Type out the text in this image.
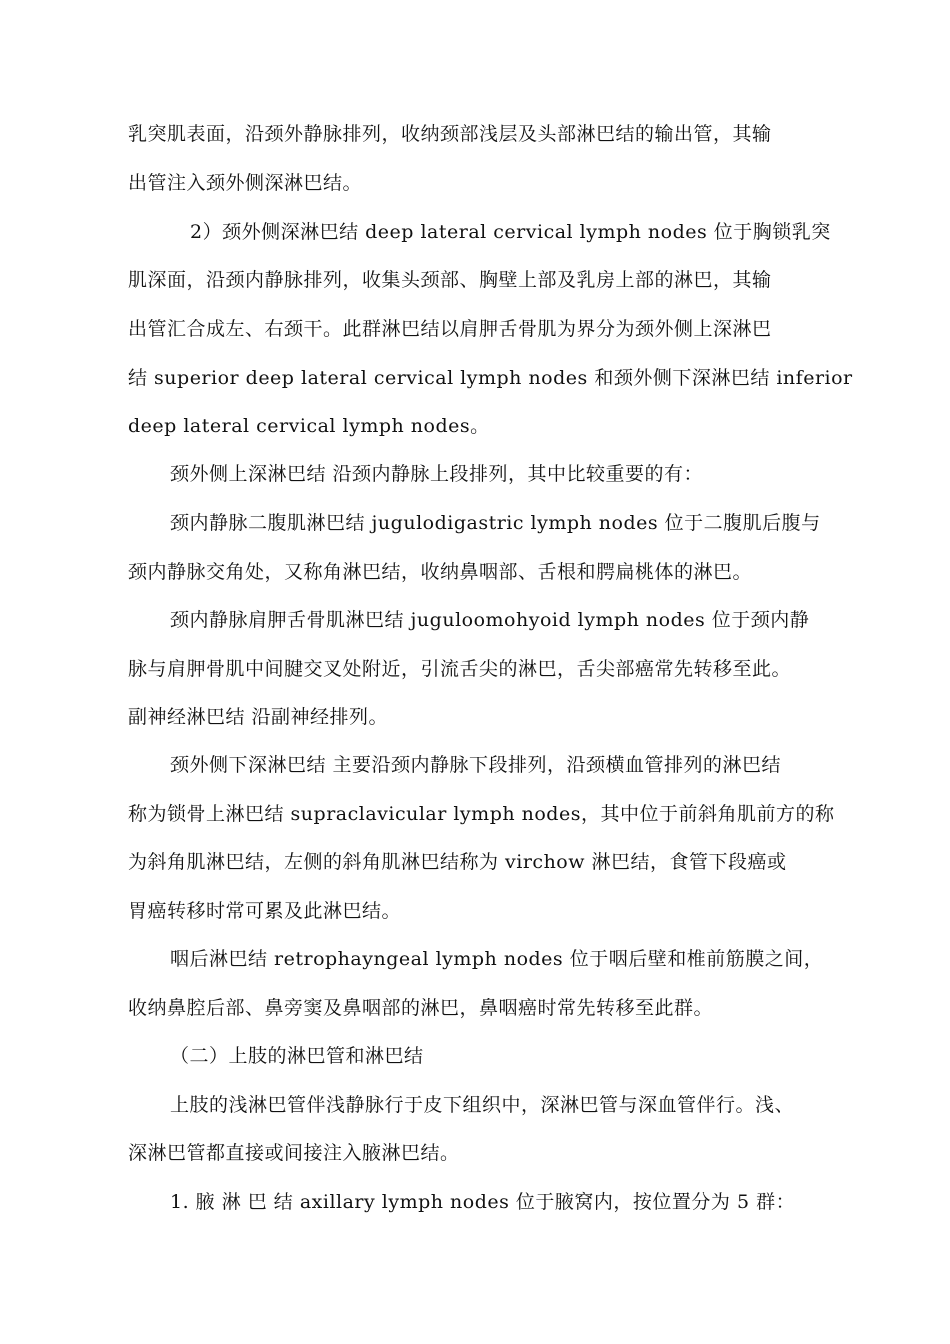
乳突肌表面，沿颈外静脉排列，收纳颈部浅层及头部淋巴结的输出管，其输
出管注入颈外侧深淋巴结。
2）颈外侧深淋巴结 deep lateral cervical lymph nodes 位于胸锁乳突
肌深面，沿颈内静脉排列，收集头颈部、胸壁上部及乳房上部的淋巴，其输
出管汇合成左、右颈干。此群淋巴结以肩胛舌骨肌为界分为颈外侧上深淋巴
结 superior deep lateral cervical lymph nodes 和颈外侧下深淋巴结 inferior
deep lateral cervical lymph nodes。
颈外侧上深淋巴结 沿颈内静脉上段排列，其中比较重要的有：
颈内静脉二腹肌淋巴结 jugulodigastric lymph nodes 位于二腹肌后腹与
颈内静脉交角处，又称角淋巴结，收纳鼻咽部、舌根和腭扁桃体的淋巴。
颈内静脉肩胛舌骨肌淋巴结 juguloomohyoid lymph nodes 位于颈内静
脉与肩胛骨肌中间腱交叉处附近，引流舌尖的淋巴，舌尖部癌常先转移至此。
副神经淋巴结 沿副神经排列。
颈外侧下深淋巴结 主要沿颈内静脉下段排列，沿颈横血管排列的淋巴结
称为锁骨上淋巴结 supraclavicular lymph nodes，其中位于前斜角肌前方的称
为斜角肌淋巴结，左侧的斜角肌淋巴结称为 virchow 淋巴结，食管下段癌或
胃癌转移时常可累及此淋巴结。
咽后淋巴结 retrophayngeal lymph nodes 位于咽后壁和椎前筋膜之间，
收纳鼻腔后部、鼻旁窦及鼻咽部的淋巴，鼻咽癌时常先转移至此群。
（二）上肢的淋巴管和淋巴结
上肢的浅淋巴管伴浅静脉行于皮下组织中，深淋巴管与深血管伴行。浅、
深淋巴管都直接或间接注入腋淋巴结。
1. 腋 淋 巴 结 axillary lymph nodes 位于腋窝内，按位置分为 5 群：
